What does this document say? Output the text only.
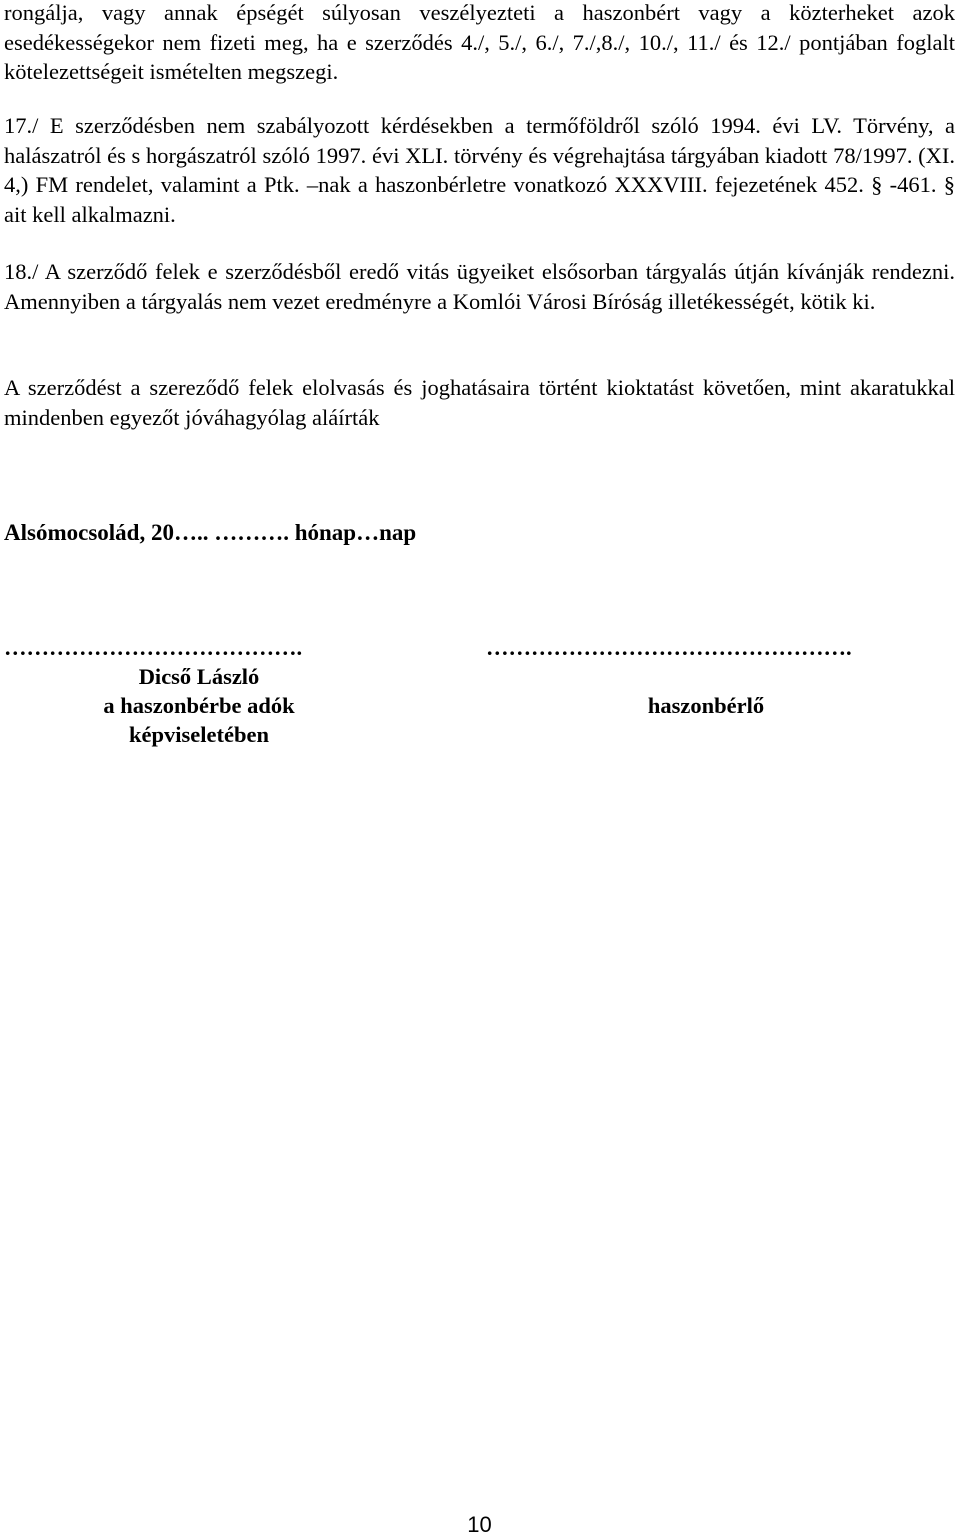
rongálja, vagy annak épségét súlyosan veszélyezteti a haszonbért vagy a közterheket azok esedékességekor nem fizeti meg, ha e szerződés 4./, 5./, 6./, 7./,8./, 10./, 11./ és 12./ pontjában foglalt kötelezettségeit ismételten megszegi.

17./ E szerződésben nem szabályozott kérdésekben a termőföldről szóló 1994. évi LV. Törvény, a halászatról és s horgászatról szóló 1997. évi XLI. törvény és végrehajtása tárgyában kiadott 78/1997. (XI. 4,) FM rendelet, valamint a Ptk. –nak a haszonbérletre vonatkozó XXXVIII. fejezetének 452. § -461. § ait kell alkalmazni.

18./ A szerződő felek e szerződésből eredő vitás ügyeiket elsősorban tárgyalás útján kívánják rendezni. Amennyiben a tárgyalás nem vezet eredményre a Komlói Városi Bíróság illetékességét, kötik ki.

A szerződést a szereződő felek elolvasás és joghatásaira történt kioktatást követően, mint akaratukkal mindenben egyezőt jóváhagyólag aláírták

Alsómocsolád, 20….. ………. hónap…nap
………………………………….
Dicső László
a haszonbérbe adók
képviseletében
………………………………………….
haszonbérlő
10
